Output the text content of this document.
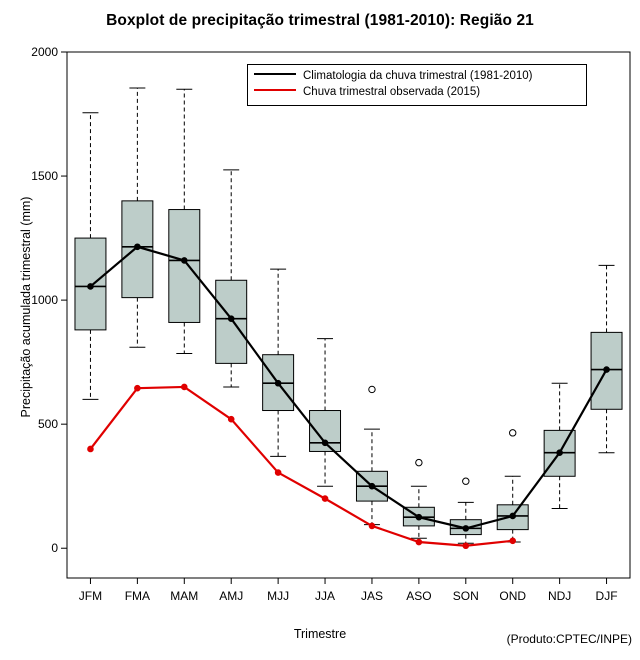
Boxplot de precipitação trimestral (1981-2010): Região 21
Precipitação acumulada trimestral (mm)
Trimestre	(Produto:CPTEC/INPE)
0
500
1000
1500
2000
JFM FMA MAM AMJ MJJ JJA JAS ASO SON OND NDJ DJF
Climatologia da chuva trimestral (1981-2010)
Chuva trimestral observada (2015)
